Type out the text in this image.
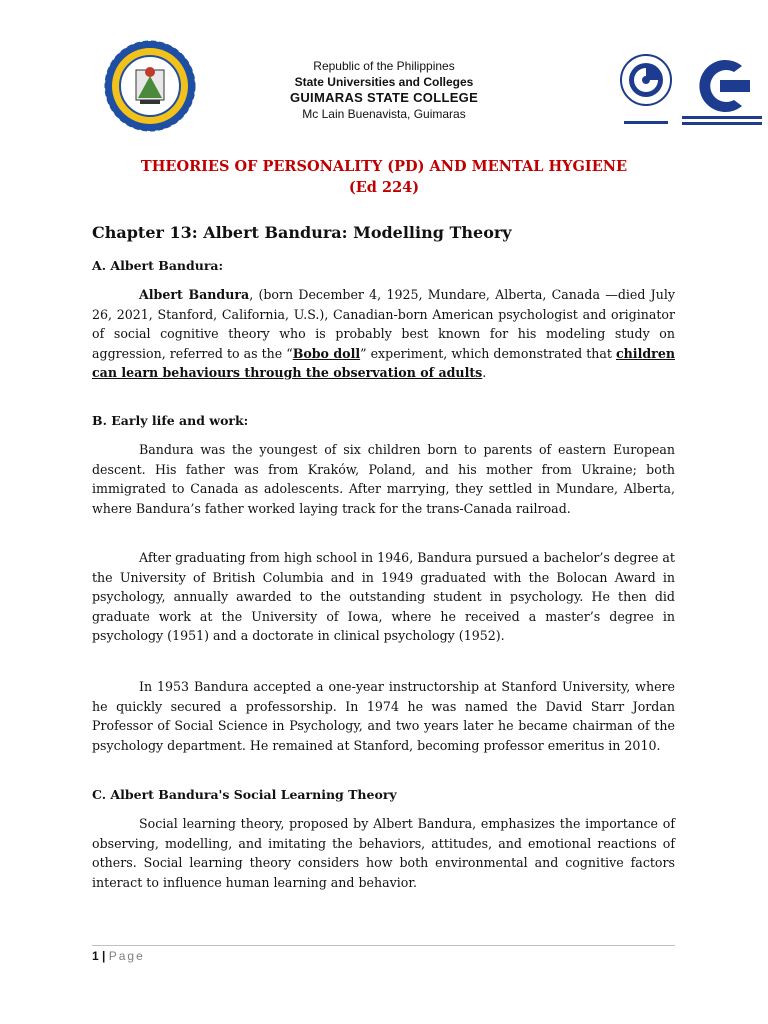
Republic of the Philippines
State Universities and Colleges
GUIMARAS STATE COLLEGE
Mc Lain Buenavista, Guimaras
THEORIES OF PERSONALITY (PD) AND MENTAL HYGIENE
(Ed 224)
Chapter 13: Albert Bandura: Modelling Theory
A. Albert Bandura:

Albert Bandura, (born December 4, 1925, Mundare, Alberta, Canada —died July 26, 2021, Stanford, California, U.S.), Canadian-born American psychologist and originator of social cognitive theory who is probably best known for his modeling study on aggression, referred to as the “Bobo doll” experiment, which demonstrated that children can learn behaviours through the observation of adults.

B. Early life and work:

Bandura was the youngest of six children born to parents of eastern European descent. His father was from Kraków, Poland, and his mother from Ukraine; both immigrated to Canada as adolescents. After marrying, they settled in Mundare, Alberta, where Bandura’s father worked laying track for the trans-Canada railroad.

After graduating from high school in 1946, Bandura pursued a bachelor’s degree at the University of British Columbia and in 1949 graduated with the Bolocan Award in psychology, annually awarded to the outstanding student in psychology. He then did graduate work at the University of Iowa, where he received a master’s degree in psychology (1951) and a doctorate in clinical psychology (1952).

In 1953 Bandura accepted a one-year instructorship at Stanford University, where he quickly secured a professorship. In 1974 he was named the David Starr Jordan Professor of Social Science in Psychology, and two years later he became chairman of the psychology department. He remained at Stanford, becoming professor emeritus in 2010.

C. Albert Bandura's Social Learning Theory

Social learning theory, proposed by Albert Bandura, emphasizes the importance of observing, modelling, and imitating the behaviors, attitudes, and emotional reactions of others. Social learning theory considers how both environmental and cognitive factors interact to influence human learning and behavior.

1 | Page
